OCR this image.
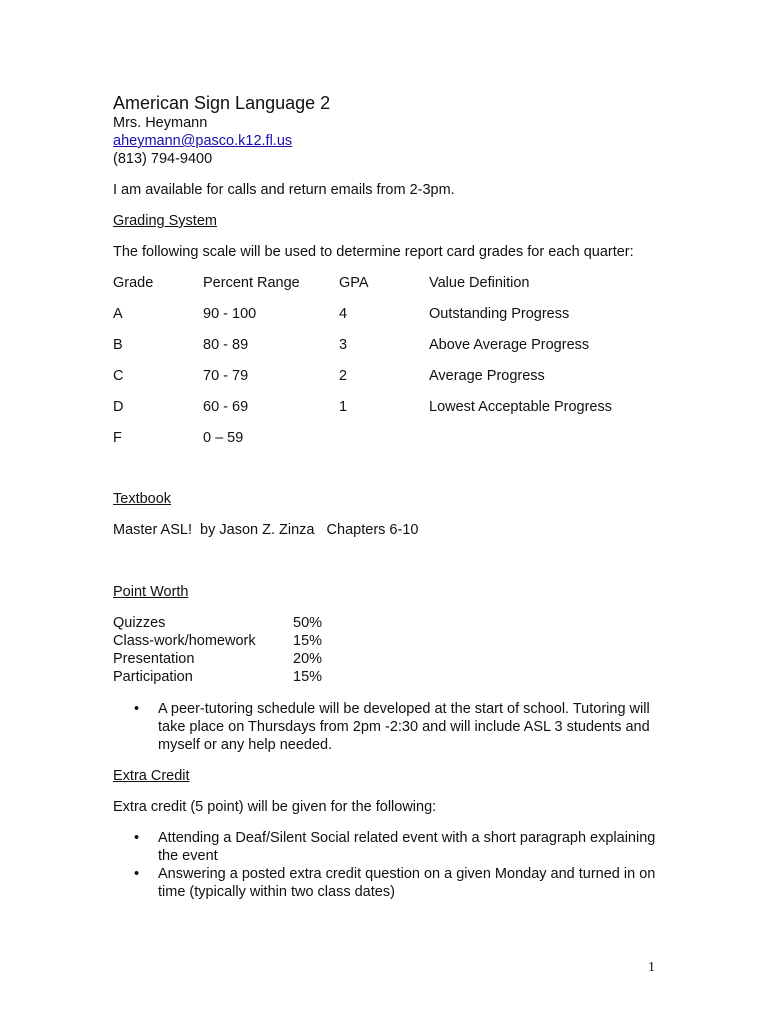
American Sign Language 2

Mrs. Heymann

aheymann@pasco.k12.fl.us

(813) 794-9400

I am available for calls and return emails from 2-3pm.

Grading System

The following scale will be used to determine report card grades for each quarter:

Grade	Percent Range	GPA	Value Definition
A	90 - 100	4	Outstanding Progress
B	80 - 89	3	Above Average Progress
C	70 - 79	2	Average Progress
D	60 - 69	1	Lowest Acceptable Progress
F	0 – 59		

Textbook

Master ASL!  by Jason Z. Zinza   Chapters 6-10

Point Worth

Quizzes	50%
Class-work/homework	15%
Presentation	20%
Participation	15%
• A peer-tutoring schedule will be developed at the start of school. Tutoring will take place on Thursdays from 2pm -2:30 and will include ASL 3 students and myself or any help needed.

Extra Credit

Extra credit (5 point) will be given for the following:

• Attending a Deaf/Silent Social related event with a short paragraph explaining the event
• Answering a posted extra credit question on a given Monday and turned in on time (typically within two class dates)
1
